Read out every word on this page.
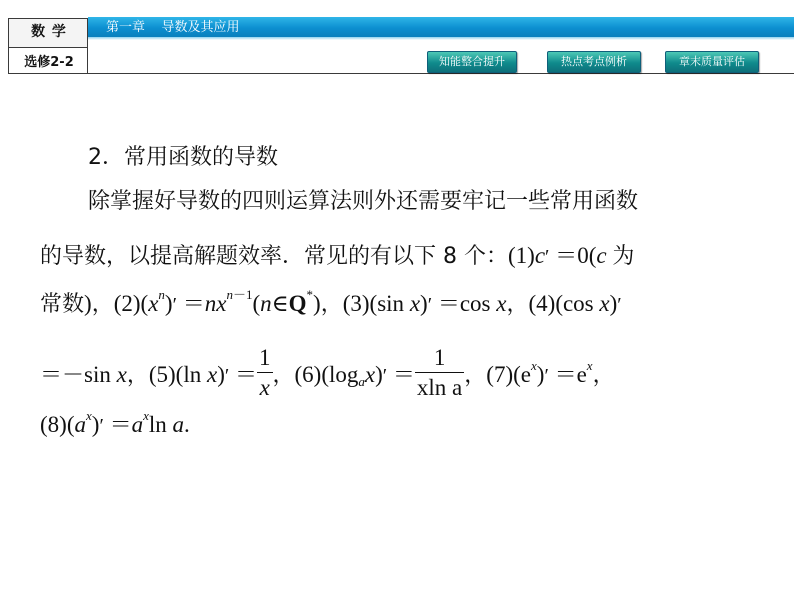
第一章    导数及其应用
数 学
选修2-2	知能整合提升	热点考点例析	章末质量评估
2．常用函数的导数
除掌握好导数的四则运算法则外还需要牢记一些常用函数
的导数，以提高解题效率．常见的有以下 8 个：(1)c′ ＝0(c 为
常数)，$(2)(x^n)'$ $=nx^{n-1}(n\in Q^*)$，(3)(sin x)′ ＝cos x，(4)(cos x)′
＝－sin x，(5)(ln $x)' = \frac{1}{x}$ ，$(6)(\log_ax)' = \frac{1}{\text{xln a}}$ ，$(7)(e^x)' =e^x$，
$(8)(a^x)' =a^x\ln$ a.
